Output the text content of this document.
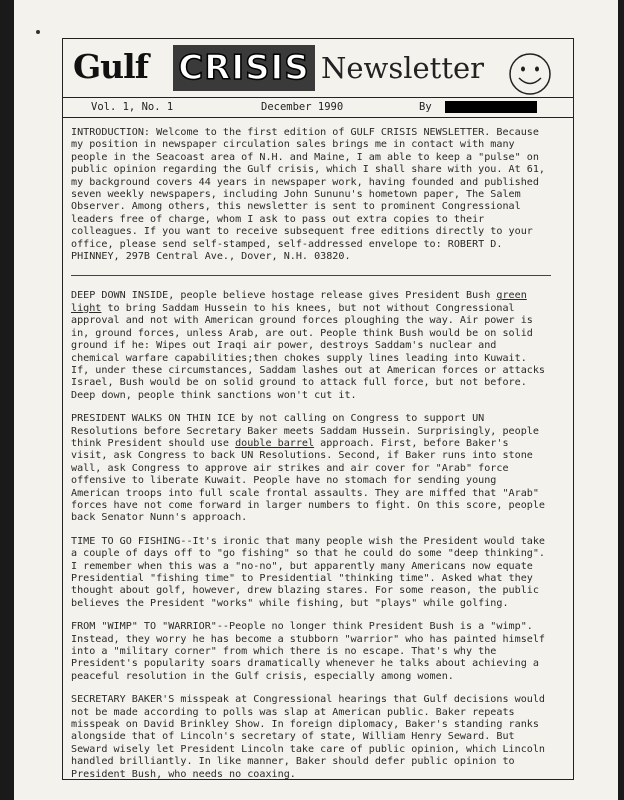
Gulf CRISIS Newsletter
Vol. 1, No. 1	December 1990	By

INTRODUCTION: Welcome to the first edition of GULF CRISIS NEWSLETTER. Because my position in newspaper circulation sales brings me in contact with many people in the Seacoast area of N.H. and Maine, I am able to keep a "pulse" on public opinion regarding the Gulf crisis, which I shall share with you. At 61, my background covers 44 years in newspaper work, having founded and published seven weekly newspapers, including John Sununu's hometown paper, The Salem Observer. Among others, this newsletter is sent to prominent Congressional leaders free of charge, whom I ask to pass out extra copies to their colleagues. If you want to receive subsequent free editions directly to your office, please send self-stamped, self-addressed envelope to: ROBERT D. PHINNEY, 297B Central Ave., Dover, N.H. 03820.

DEEP DOWN INSIDE, people believe hostage release gives President Bush green light to bring Saddam Hussein to his knees, but not without Congressional approval and not with American ground forces ploughing the way. Air power is in, ground forces, unless Arab, are out. People think Bush would be on solid ground if he: Wipes out Iraqi air power, destroys Saddam's nuclear and chemical warfare capabilities;then chokes supply lines leading into Kuwait. If, under these circumstances, Saddam lashes out at American forces or attacks Israel, Bush would be on solid ground to attack full force, but not before. Deep down, people think sanctions won't cut it.

PRESIDENT WALKS ON THIN ICE by not calling on Congress to support UN Resolutions before Secretary Baker meets Saddam Hussein. Surprisingly, people think President should use double barrel approach. First, before Baker's visit, ask Congress to back UN Resolutions. Second, if Baker runs into stone wall, ask Congress to approve air strikes and air cover for "Arab" force offensive to liberate Kuwait. People have no stomach for sending young American troops into full scale frontal assaults. They are miffed that "Arab" forces have not come forward in larger numbers to fight. On this score, people back Senator Nunn's approach.

TIME TO GO FISHING--It's ironic that many people wish the President would take a couple of days off to "go fishing" so that he could do some "deep thinking". I remember when this was a "no-no", but apparently many Americans now equate Presidential "fishing time" to Presidential "thinking time". Asked what they thought about golf, however, drew blazing stares. For some reason, the public believes the President "works" while fishing, but "plays" while golfing.

FROM "WIMP" TO "WARRIOR"--People no longer think President Bush is a "wimp". Instead, they worry he has become a stubborn "warrior" who has painted himself into a "military corner" from which there is no escape. That's why the President's popularity soars dramatically whenever he talks about achieving a peaceful resolution in the Gulf crisis, especially among women.

SECRETARY BAKER'S misspeak at Congressional hearings that Gulf decisions would not be made according to polls was slap at American public. Baker repeats misspeak on David Brinkley Show. In foreign diplomacy, Baker's standing ranks alongside that of Lincoln's secretary of state, William Henry Seward. But Seward wisely let President Lincoln take care of public opinion, which Lincoln handled brilliantly. In like manner, Baker should defer public opinion to President Bush, who needs no coaxing.
